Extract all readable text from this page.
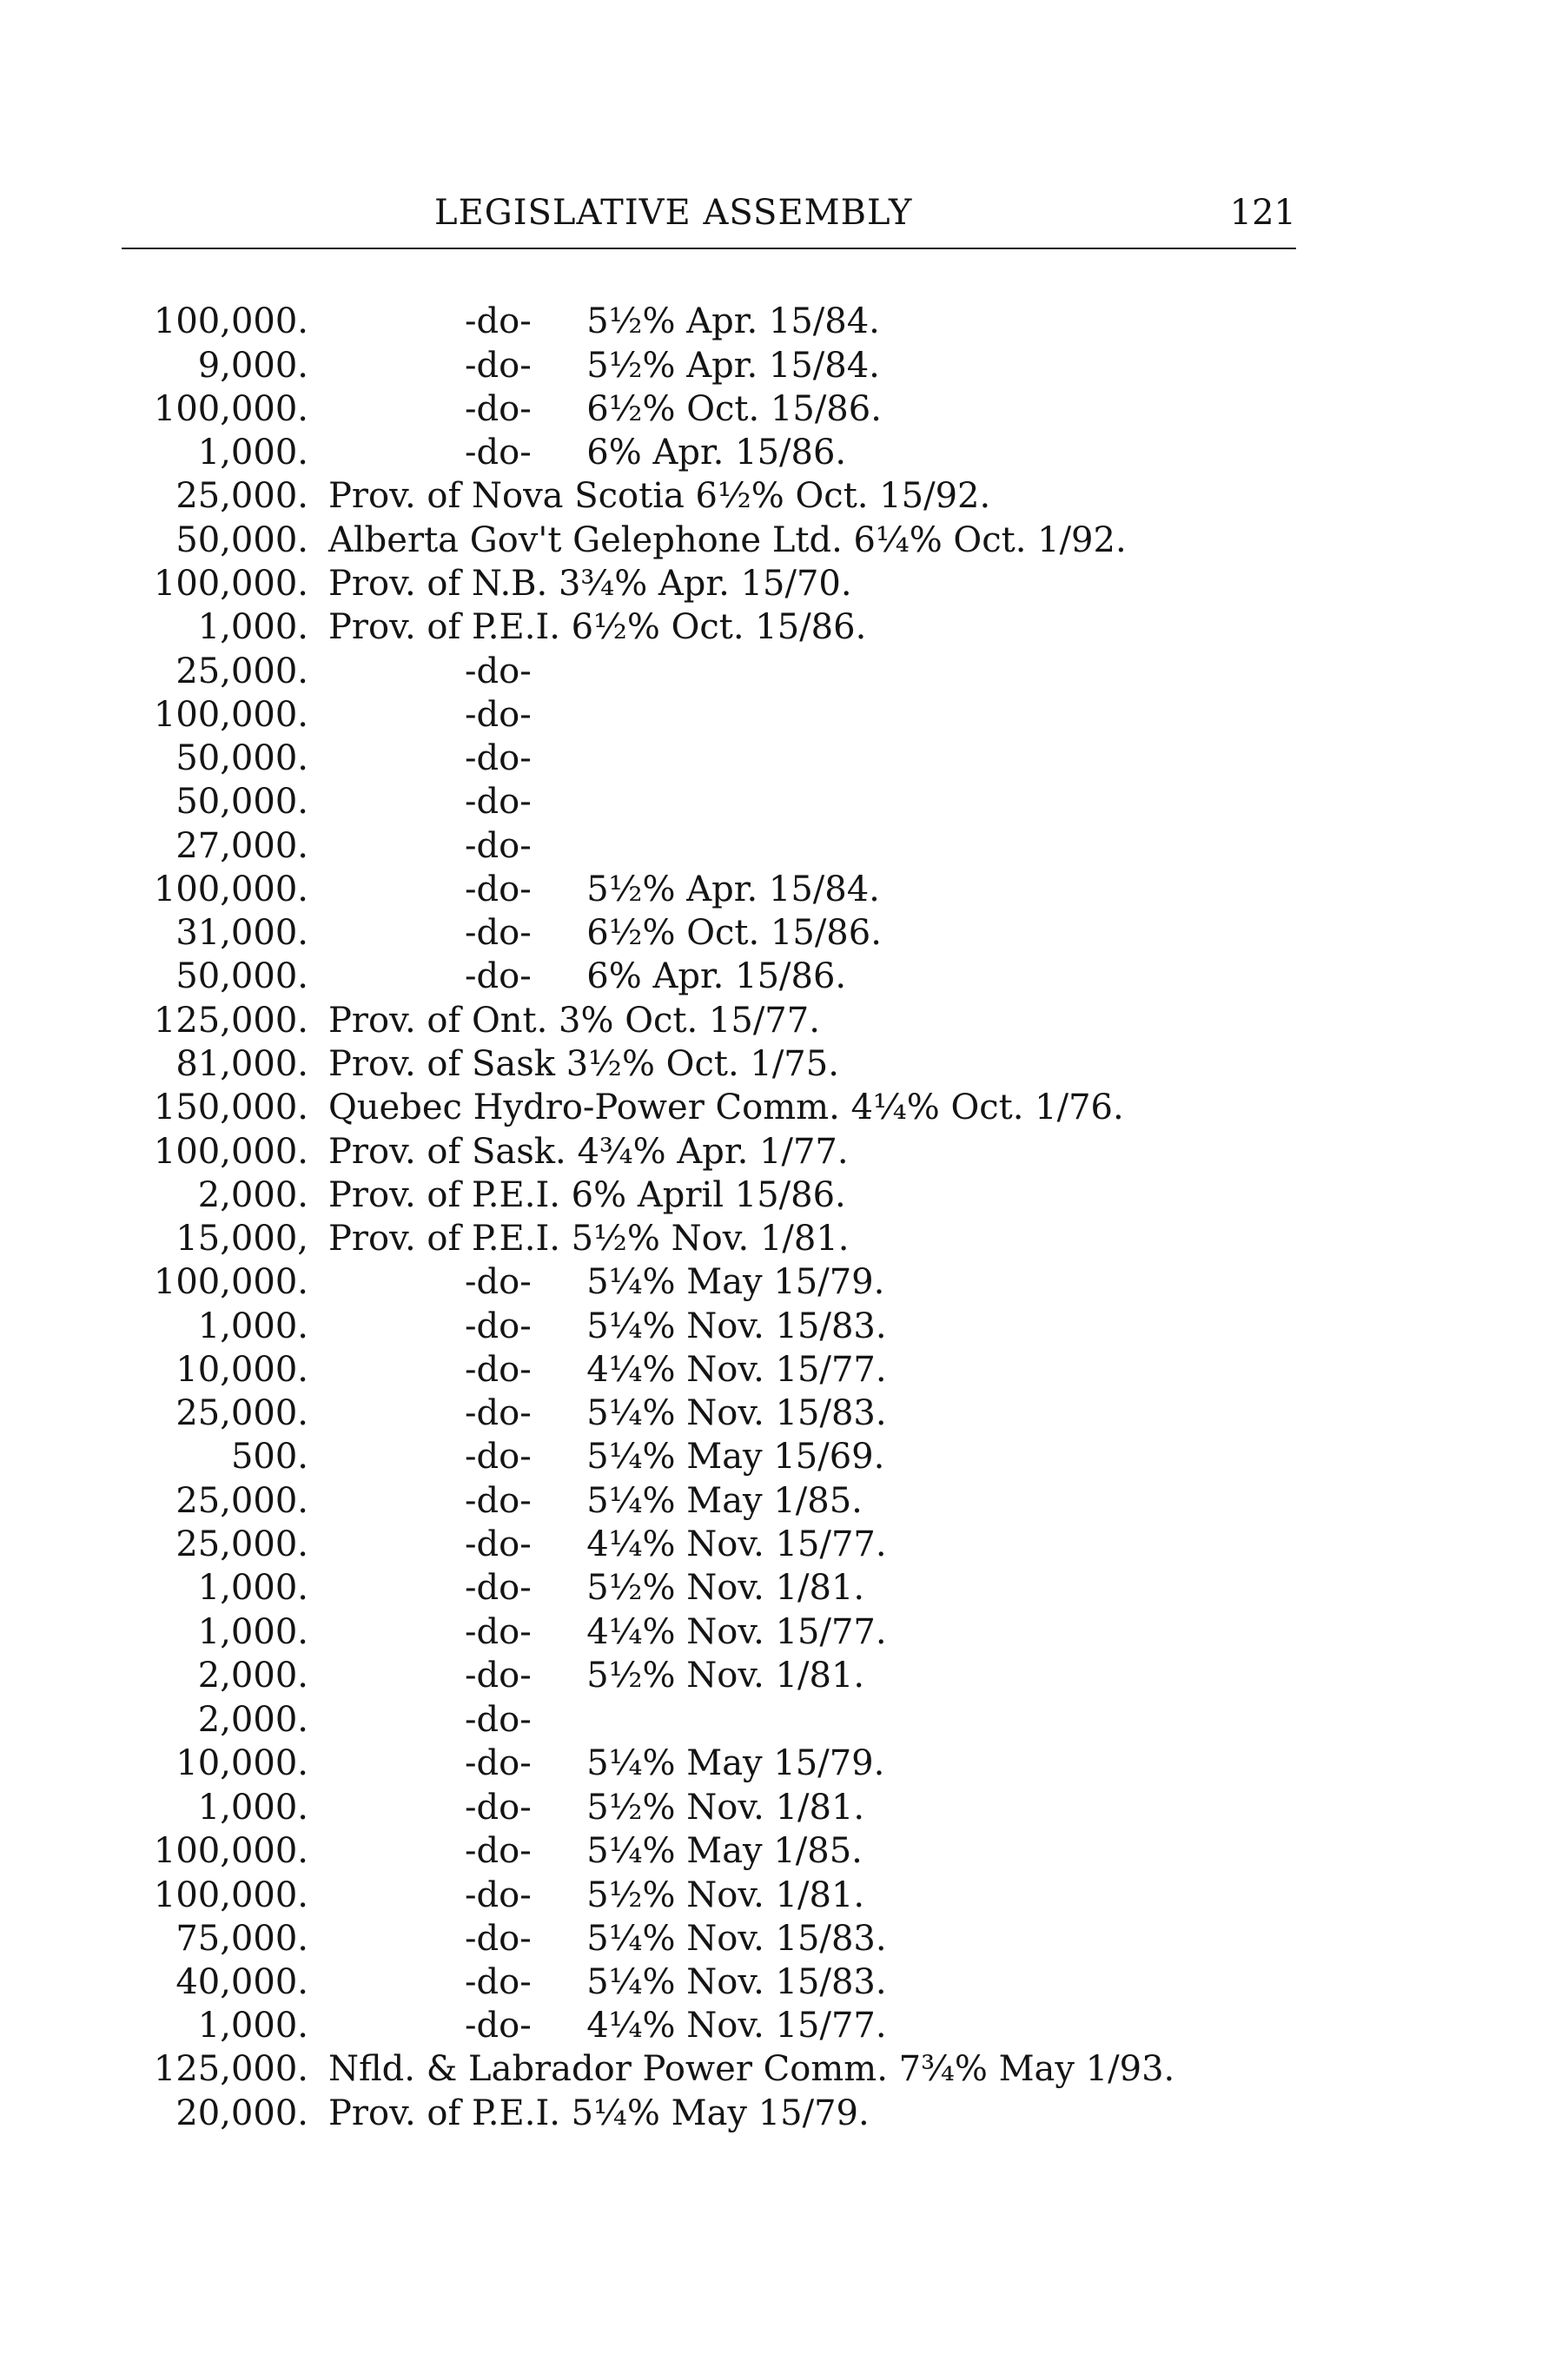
LEGISLATIVE ASSEMBLY	121
100,000.	-do-     5½% Apr. 15/84.
9,000.	-do-     5½% Apr. 15/84.
100,000.	-do-     6½% Oct. 15/86.
1,000.	-do-     6% Apr. 15/86.
25,000. Prov. of Nova Scotia 6½% Oct. 15/92.
50,000. Alberta Gov't Gelephone Ltd. 6¼% Oct. 1/92.
100,000. Prov. of N.B. 3¾% Apr. 15/70.
1,000. Prov. of P.E.I. 6½% Oct. 15/86.
25,000.	-do-
100,000.	-do-
50,000.	-do-
50,000.	-do-
27,000.	-do-
100,000.	-do-     5½% Apr. 15/84.
31,000.	-do-     6½% Oct. 15/86.
50,000.	-do-     6% Apr. 15/86.
125,000. Prov. of Ont. 3% Oct. 15/77.
81,000. Prov. of Sask 3½% Oct. 1/75.
150,000. Quebec Hydro-Power Comm. 4¼% Oct. 1/76.
100,000. Prov. of Sask. 4¾% Apr. 1/77.
2,000. Prov. of P.E.I. 6% April 15/86.
15,000, Prov. of P.E.I. 5½% Nov. 1/81.
100,000.	-do-     5¼% May 15/79.
1,000.	-do-     5¼% Nov. 15/83.
10,000.	-do-     4¼% Nov. 15/77.
25,000.	-do-     5¼% Nov. 15/83.
500.	-do-     5¼% May 15/69.
25,000.	-do-     5¼% May 1/85.
25,000.	-do-     4¼% Nov. 15/77.
1,000.	-do-     5½% Nov. 1/81.
1,000.	-do-     4¼% Nov. 15/77.
2,000.	-do-     5½% Nov. 1/81.
2,000.	-do-
10,000.	-do-     5¼% May 15/79.
1,000.	-do-     5½% Nov. 1/81.
100,000.	-do-     5¼% May 1/85.
100,000.	-do-     5½% Nov. 1/81.
75,000.	-do-     5¼% Nov. 15/83.
40,000.	-do-     5¼% Nov. 15/83.
1,000.	-do-     4¼% Nov. 15/77.
125,000. Nfld. & Labrador Power Comm. 7¾% May 1/93.
20,000. Prov. of P.E.I. 5¼% May 15/79.
